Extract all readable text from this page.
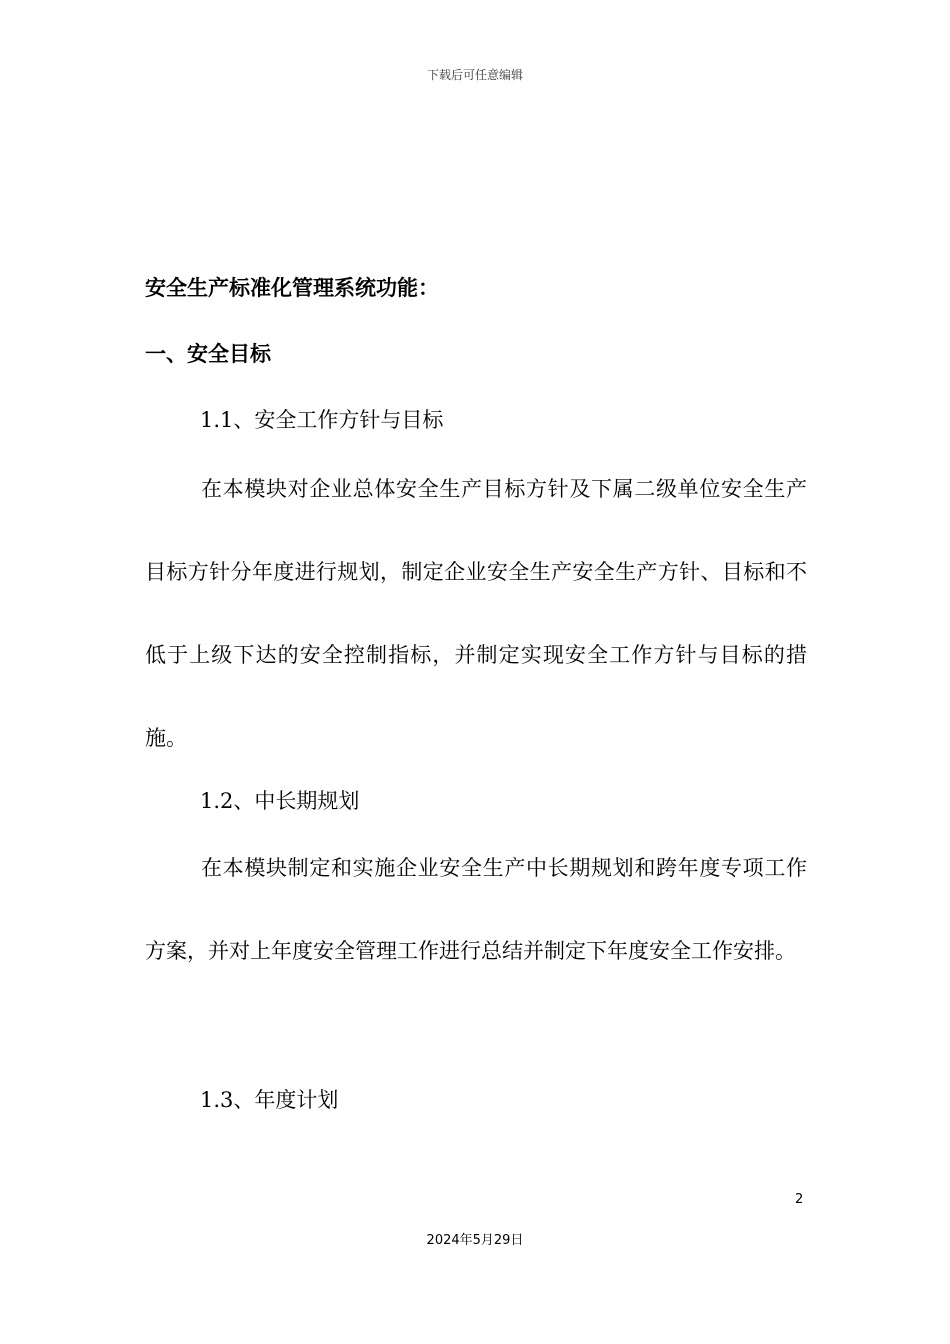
下载后可任意编辑
安全生产标准化管理系统功能：
一、安全目标
1.1、安全工作方针与目标

在本模块对企业总体安全生产目标方针及下属二级单位安全生产目标方针分年度进行规划，制定企业安全生产安全生产方针、目标和不低于上级下达的安全控制指标，并制定实现安全工作方针与目标的措施。

1.2、中长期规划

在本模块制定和实施企业安全生产中长期规划和跨年度专项工作方案，并对上年度安全管理工作进行总结并制定下年度安全工作安排。

1.3、年度计划
2
2024年5月29日
